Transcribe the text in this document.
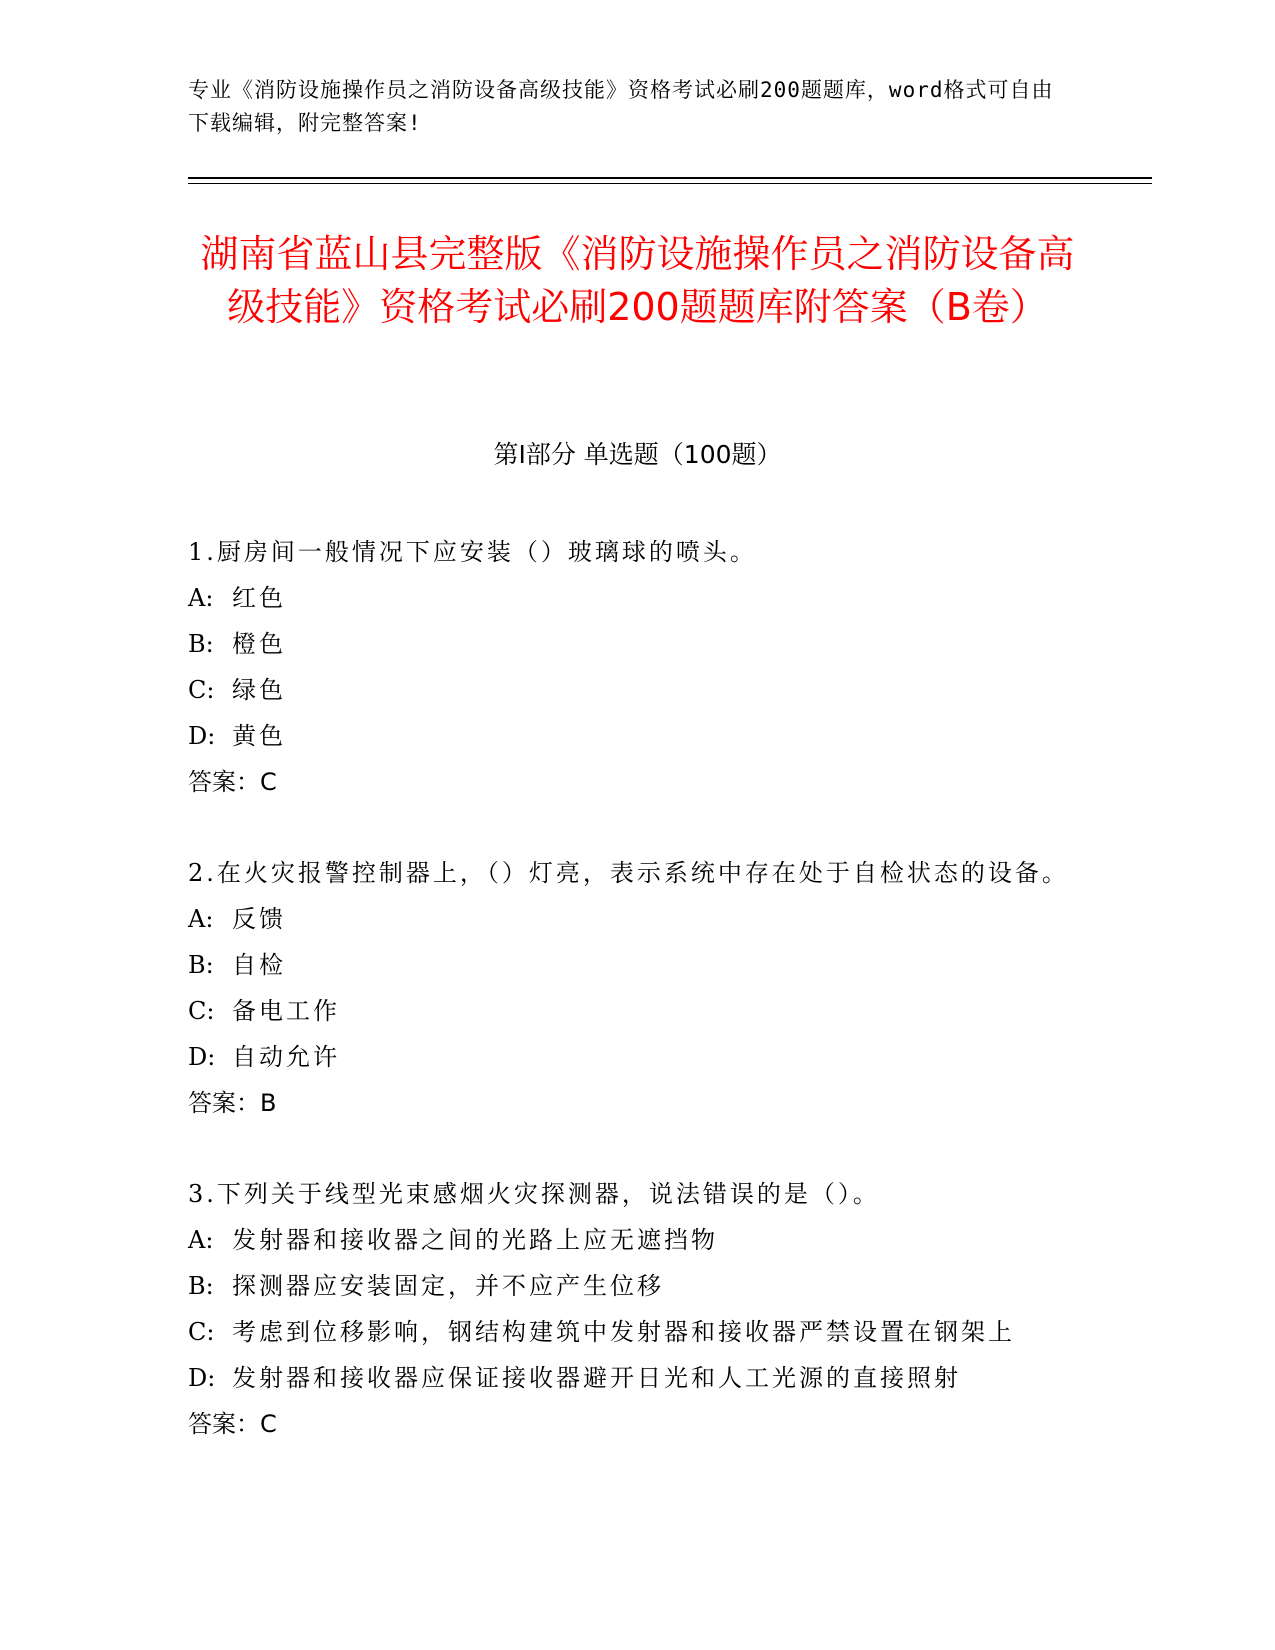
专业《消防设施操作员之消防设备高级技能》资格考试必刷200题题库，word格式可自由下载编辑，附完整答案!
湖南省蓝山县完整版《消防设施操作员之消防设备高级技能》资格考试必刷200题题库附答案（B卷）
第I部分 单选题（100题）

1.厨房间一般情况下应安装（）玻璃球的喷头。

A: 红色

B: 橙色

C: 绿色

D: 黄色

答案：C

2.在火灾报警控制器上，（）灯亮，表示系统中存在处于自检状态的设备。

A: 反馈

B: 自检

C: 备电工作

D: 自动允许

答案：B

3.下列关于线型光束感烟火灾探测器，说法错误的是（）。

A: 发射器和接收器之间的光路上应无遮挡物

B: 探测器应安装固定，并不应产生位移

C: 考虑到位移影响，钢结构建筑中发射器和接收器严禁设置在钢架上

D: 发射器和接收器应保证接收器避开日光和人工光源的直接照射

答案：C
